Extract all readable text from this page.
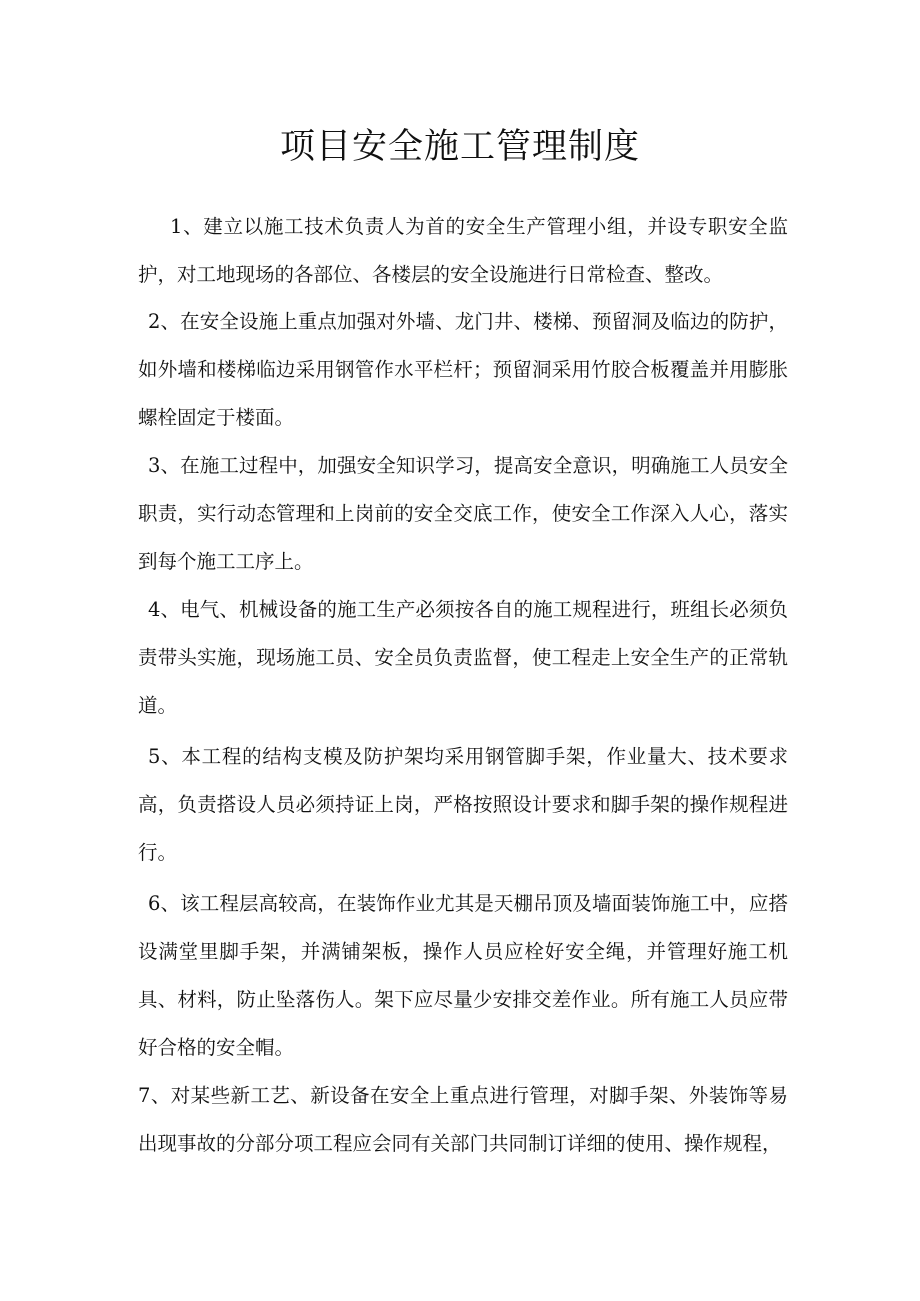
项目安全施工管理制度

1、建立以施工技术负责人为首的安全生产管理小组，并设专职安全监护，对工地现场的各部位、各楼层的安全设施进行日常检查、整改。

2、在安全设施上重点加强对外墙、龙门井、楼梯、预留洞及临边的防护，如外墙和楼梯临边采用钢管作水平栏杆；预留洞采用竹胶合板覆盖并用膨胀螺栓固定于楼面。

3、在施工过程中，加强安全知识学习，提高安全意识，明确施工人员安全职责，实行动态管理和上岗前的安全交底工作，使安全工作深入人心，落实到每个施工工序上。

4、电气、机械设备的施工生产必须按各自的施工规程进行，班组长必须负责带头实施，现场施工员、安全员负责监督，使工程走上安全生产的正常轨道。

5、本工程的结构支模及防护架均采用钢管脚手架，作业量大、技术要求高，负责搭设人员必须持证上岗，严格按照设计要求和脚手架的操作规程进行。

6、该工程层高较高，在装饰作业尤其是天棚吊顶及墙面装饰施工中，应搭设满堂里脚手架，并满铺架板，操作人员应栓好安全绳，并管理好施工机具、材料，防止坠落伤人。架下应尽量少安排交差作业。所有施工人员应带好合格的安全帽。

7、对某些新工艺、新设备在安全上重点进行管理，对脚手架、外装饰等易出现事故的分部分项工程应会同有关部门共同制订详细的使用、操作规程，
